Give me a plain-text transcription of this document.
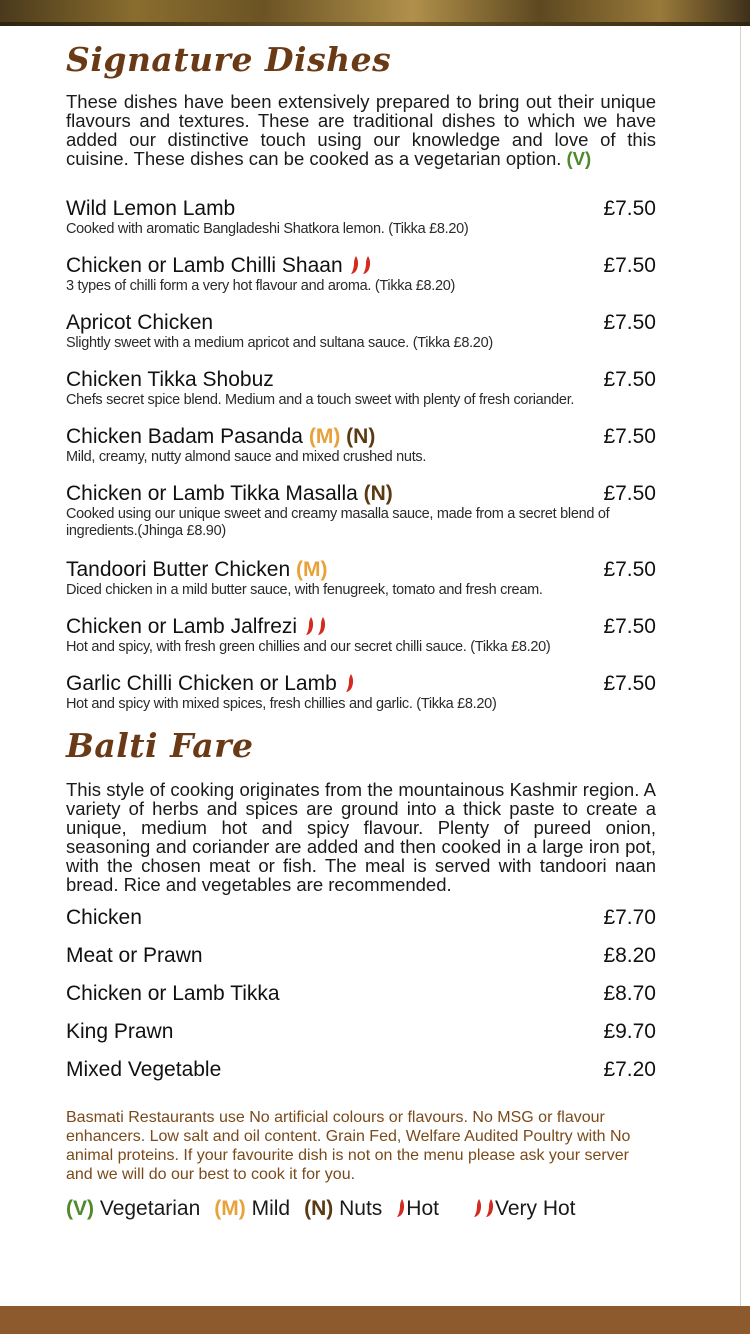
Signature Dishes

These dishes have been extensively prepared to bring out their unique flavours and textures. These are traditional dishes to which we have added our distinctive touch using our knowledge and love of this cuisine. These dishes can be cooked as a vegetarian option. (V)

Wild Lemon Lamb	£7.50
Cooked with aromatic Bangladeshi Shatkora lemon. (Tikka £8.20)
Chicken or Lamb Chilli Shaan	£7.50
3 types of chilli form a very hot flavour and aroma. (Tikka £8.20)
Apricot Chicken	£7.50
Slightly sweet with a medium apricot and sultana sauce. (Tikka £8.20)
Chicken Tikka Shobuz	£7.50
Chefs secret spice blend. Medium and a touch sweet with plenty of fresh coriander.
Chicken Badam Pasanda (M) (N)	£7.50
Mild, creamy, nutty almond sauce and mixed crushed nuts.
Chicken or Lamb Tikka Masalla (N)	£7.50
Cooked using our unique sweet and creamy masalla sauce, made from a secret blend of ingredients.(Jhinga £8.90)
Tandoori Butter Chicken (M)	£7.50
Diced chicken in a mild butter sauce, with fenugreek, tomato and fresh cream.
Chicken or Lamb Jalfrezi	£7.50
Hot and spicy, with fresh green chillies and our secret chilli sauce. (Tikka £8.20)
Garlic Chilli Chicken or Lamb	£7.50
Hot and spicy with mixed spices, fresh chillies and garlic. (Tikka £8.20)
Balti Fare

This style of cooking originates from the mountainous Kashmir region. A variety of herbs and spices are ground into a thick paste to create a unique, medium hot and spicy flavour. Plenty of pureed onion, seasoning and coriander are added and then cooked in a large iron pot, with the chosen meat or fish. The meal is served with tandoori naan bread. Rice and vegetables are recommended.

Chicken	£7.70
Meat or Prawn	£8.20
Chicken or Lamb Tikka	£8.70
King Prawn	£9.70
Mixed Vegetable	£7.20

Basmati Restaurants use No artificial colours or flavours. No MSG or flavour enhancers. Low salt and oil content. Grain Fed, Welfare Audited Poultry with No animal proteins. If your favourite dish is not on the menu please ask your server and we will do our best to cook it for you.

(V) Vegetarian (M) Mild (N) Nuts	Hot	Very Hot
